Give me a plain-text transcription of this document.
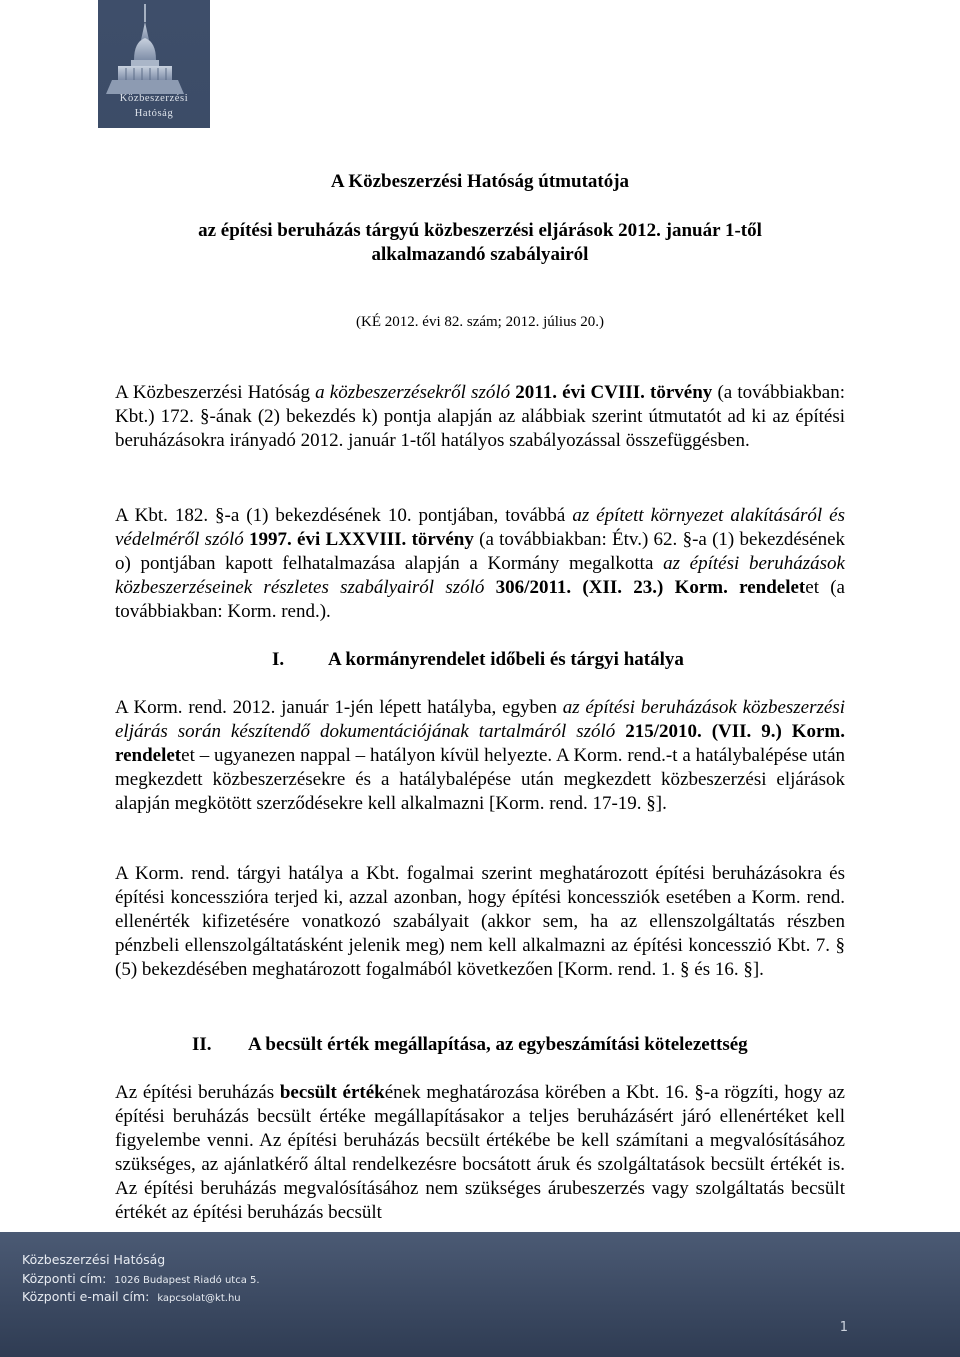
Közbeszerzési
Hatóság
A Közbeszerzési Hatóság útmutatója
az építési beruházás tárgyú közbeszerzési eljárások 2012. január 1-től
alkalmazandó szabályairól
(KÉ 2012. évi 82. szám; 2012. július 20.)

A Közbeszerzési Hatóság a közbeszerzésekről szóló 2011. évi CVIII. törvény (a továbbiakban: Kbt.) 172. §-ának (2) bekezdés k) pontja alapján az alábbiak szerint útmutatót ad ki az építési beruházásokra irányadó 2012. január 1-től hatályos szabályozással összefüggésben.

A Kbt. 182. §-a (1) bekezdésének 10. pontjában, továbbá az épített környezet alakításáról és védelméről szóló 1997. évi LXXVIII. törvény (a továbbiakban: Étv.) 62. §-a (1) bekezdésének o) pontjában kapott felhatalmazása alapján a Kormány megalkotta az építési beruházások közbeszerzéseinek részletes szabályairól szóló 306/2011. (XII. 23.) Korm. rendeletet (a továbbiakban: Korm. rend.).

I. A kormányrendelet időbeli és tárgyi hatálya

A Korm. rend. 2012. január 1-jén lépett hatályba, egyben az építési beruházások közbeszerzési eljárás során készítendő dokumentációjának tartalmáról szóló 215/2010. (VII. 9.) Korm. rendeletet – ugyanezen nappal – hatályon kívül helyezte. A Korm. rend.-t a hatálybalépése után megkezdett közbeszerzésekre és a hatálybalépése után megkezdett közbeszerzési eljárások alapján megkötött szerződésekre kell alkalmazni [Korm. rend. 17-19. §].

A Korm. rend. tárgyi hatálya a Kbt. fogalmai szerint meghatározott építési beruházásokra és építési koncesszióra terjed ki, azzal azonban, hogy építési koncessziók esetében a Korm. rend. ellenérték kifizetésére vonatkozó szabályait (akkor sem, ha az ellenszolgáltatás részben pénzbeli ellenszolgáltatásként jelenik meg) nem kell alkalmazni az építési koncesszió Kbt. 7. § (5) bekezdésében meghatározott fogalmából következően [Korm. rend. 1. § és 16. §].

II. A becsült érték megállapítása, az egybeszámítási kötelezettség

Az építési beruházás becsült értékének meghatározása körében a Kbt. 16. §-a rögzíti, hogy az építési beruházás becsült értéke megállapításakor a teljes beruházásért járó ellenértéket kell figyelembe venni. Az építési beruházás becsült értékébe be kell számítani a megvalósításához szükséges, az ajánlatkérő által rendelkezésre bocsátott áruk és szolgáltatások becsült értékét is. Az építési beruházás megvalósításához nem szükséges árubeszerzés vagy szolgáltatás becsült értékét az építési beruházás becsült

Közbeszerzési Hatóság
Központi cím: 1026 Budapest Riadó utca 5.
Központi e-mail cím: kapcsolat@kt.hu
1
